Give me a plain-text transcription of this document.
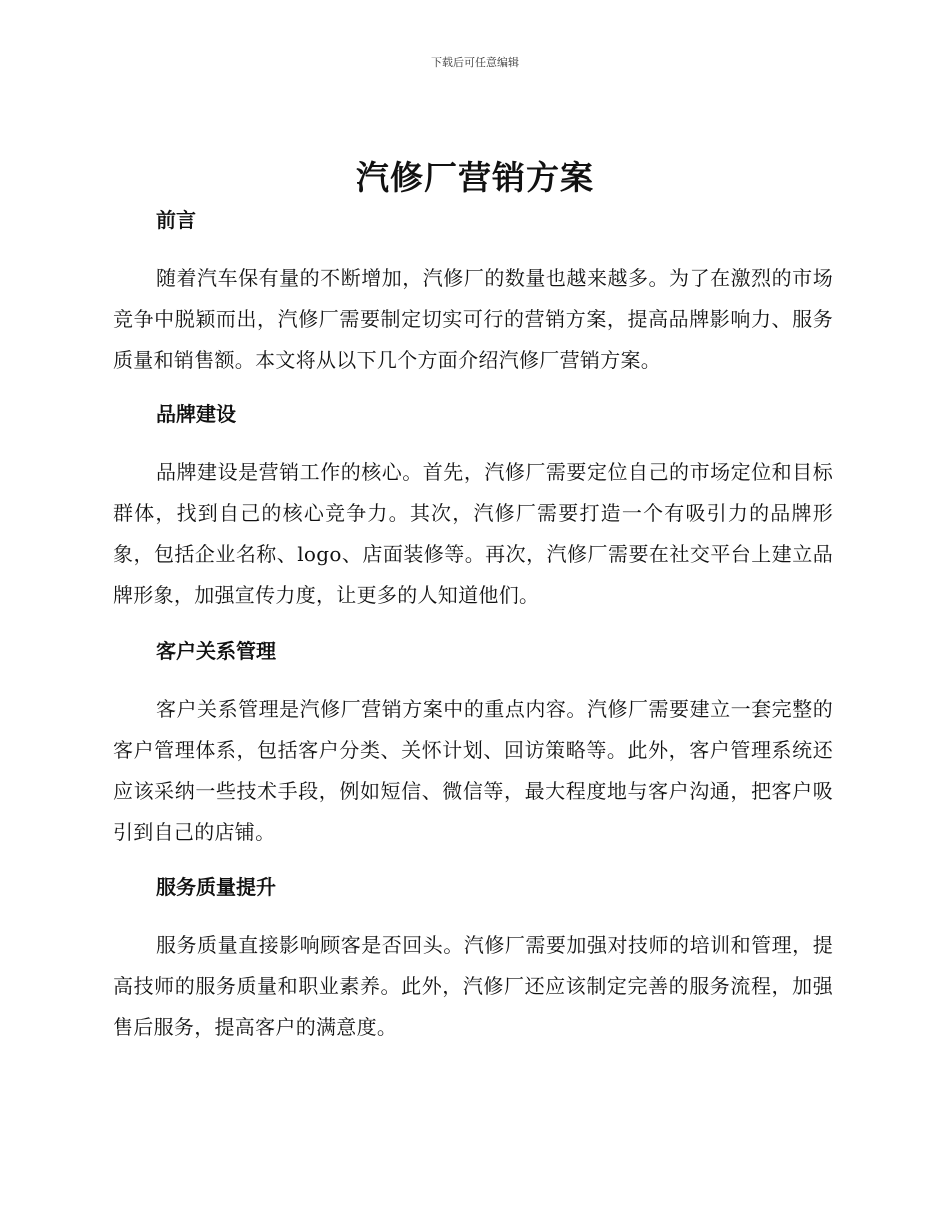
下载后可任意编辑
汽修厂营销方案
前言

随着汽车保有量的不断增加，汽修厂的数量也越来越多。为了在激烈的市场竞争中脱颖而出，汽修厂需要制定切实可行的营销方案，提高品牌影响力、服务质量和销售额。本文将从以下几个方面介绍汽修厂营销方案。

品牌建设

品牌建设是营销工作的核心。首先，汽修厂需要定位自己的市场定位和目标群体，找到自己的核心竞争力。其次，汽修厂需要打造一个有吸引力的品牌形象，包括企业名称、logo、店面装修等。再次，汽修厂需要在社交平台上建立品牌形象，加强宣传力度，让更多的人知道他们。

客户关系管理

客户关系管理是汽修厂营销方案中的重点内容。汽修厂需要建立一套完整的客户管理体系，包括客户分类、关怀计划、回访策略等。此外，客户管理系统还应该采纳一些技术手段，例如短信、微信等，最大程度地与客户沟通，把客户吸引到自己的店铺。

服务质量提升

服务质量直接影响顾客是否回头。汽修厂需要加强对技师的培训和管理，提高技师的服务质量和职业素养。此外，汽修厂还应该制定完善的服务流程，加强售后服务，提高客户的满意度。
